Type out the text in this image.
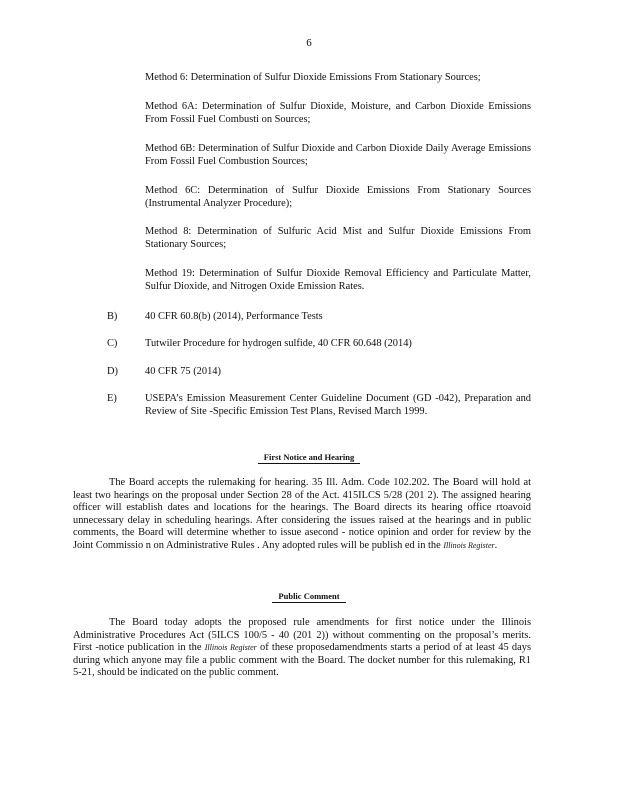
6
Method 6: Determination of Sulfur Dioxide Emissions From Stationary Sources;
Method 6A: Determination of Sulfur Dioxide, Moisture, and Carbon Dioxide Emissions From Fossil Fuel Combusti on Sources;
Method 6B: Determination of Sulfur Dioxide and Carbon Dioxide Daily Average Emissions From Fossil Fuel Combustion Sources;
Method 6C: Determination of Sulfur Dioxide Emissions From Stationary Sources (Instrumental Analyzer Procedure);
Method 8: Determination of Sulfuric Acid Mist and Sulfur Dioxide Emissions From Stationary Sources;
Method 19: Determination of Sulfur Dioxide Removal Efficiency and Particulate Matter, Sulfur Dioxide, and Nitrogen Oxide Emission Rates.
B)	40 CFR 60.8(b) (2014), Performance Tests
C)	Tutwiler Procedure for hydrogen sulfide, 40 CFR 60.648 (2014)
D)	40 CFR 75 (2014)
E)	USEPA’s Emission Measurement Center Guideline Document (GD -042), Preparation and Review of Site -Specific Emission Test Plans, Revised March 1999.
First Notice and Hearing
The Board accepts the rulemaking for hearing. 35 Ill. Adm. Code 102.202. The Board will hold at least two hearings on the proposal under Section 28 of the Act. 415ILCS 5/28 (201 2). The assigned hearing officer will establish dates and locations for the hearings. The Board directs its hearing office rtoavoid unnecessary delay in scheduling hearings. After considering the issues raised at the hearings and in public comments, the Board will determine whether to issue asecond - notice opinion and order for review by the Joint Commissio n on Administrative Rules . Any adopted rules will be publish ed in the Illinois Register.
Public Comment
The Board today adopts the proposed rule amendments for first notice under the Illinois Administrative Procedures Act (5ILCS 100/5 - 40 (201 2)) without commenting on the proposal’s merits. First -notice publication in the Illinois Register of these proposedamendments starts a period of at least 45 days during which anyone may file a public comment with the Board. The docket number for this rulemaking, R1 5-21, should be indicated on the public comment.
